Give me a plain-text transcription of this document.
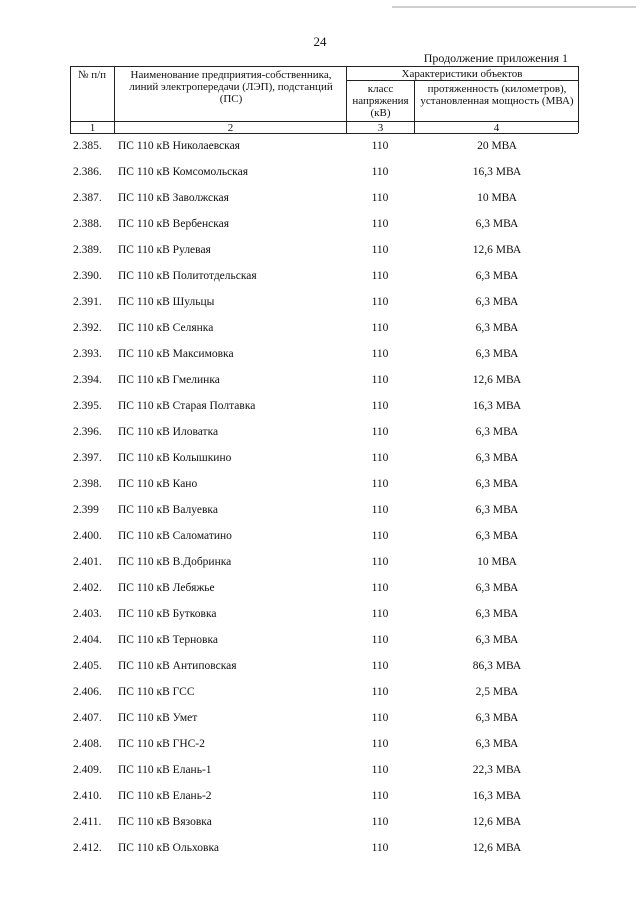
24
Продолжение приложения 1
№ п/п	Наименование предприятия-собственника, линий электропередачи (ЛЭП), подстанций (ПС)
Характеристики объектов
класс напряжения (кВ)
протяженность (километров), установленная мощность (МВА)
1	2	3	4
2.385.	ПС 110 кВ Николаевская	110	20 МВА
2.386.	ПС 110 кВ Комсомольская	110	16,3 МВА
2.387.	ПС 110 кВ Заволжская	110	10 МВА
2.388.	ПС 110 кВ Вербенская	110	6,3 МВА
2.389.	ПС 110 кВ Рулевая	110	12,6 МВА
2.390.	ПС 110 кВ Политотдельская	110	6,3 МВА
2.391.	ПС 110 кВ Шульцы	110	6,3 МВА
2.392.	ПС 110 кВ Селянка	110	6,3 МВА
2.393.	ПС 110 кВ Максимовка	110	6,3 МВА
2.394.	ПС 110 кВ Гмелинка	110	12,6 МВА
2.395.	ПС 110 кВ Старая Полтавка	110	16,3 МВА
2.396.	ПС 110 кВ Иловатка	110	6,3 МВА
2.397.	ПС 110 кВ Колышкино	110	6,3 МВА
2.398.	ПС 110 кВ Кано	110	6,3 МВА
2.399	ПС 110 кВ Валуевка	110	6,3 МВА
2.400.	ПС 110 кВ Саломатино	110	6,3 МВА
2.401.	ПС 110 кВ В.Добринка	110	10 МВА
2.402.	ПС 110 кВ Лебяжье	110	6,3 МВА
2.403.	ПС 110 кВ Бутковка	110	6,3 МВА
2.404.	ПС 110 кВ Терновка	110	6,3 МВА
2.405.	ПС 110 кВ Антиповская	110	86,3 МВА
2.406.	ПС 110 кВ ГСС	110	2,5 МВА
2.407.	ПС 110 кВ Умет	110	6,3 МВА
2.408.	ПС 110 кВ ГНС-2	110	6,3 МВА
2.409.	ПС 110 кВ Елань-1	110	22,3 МВА
2.410.	ПС 110 кВ Елань-2	110	16,3 МВА
2.411.	ПС 110 кВ Вязовка	110	12,6 МВА
2.412.	ПС 110 кВ Ольховка	110	12,6 МВА
